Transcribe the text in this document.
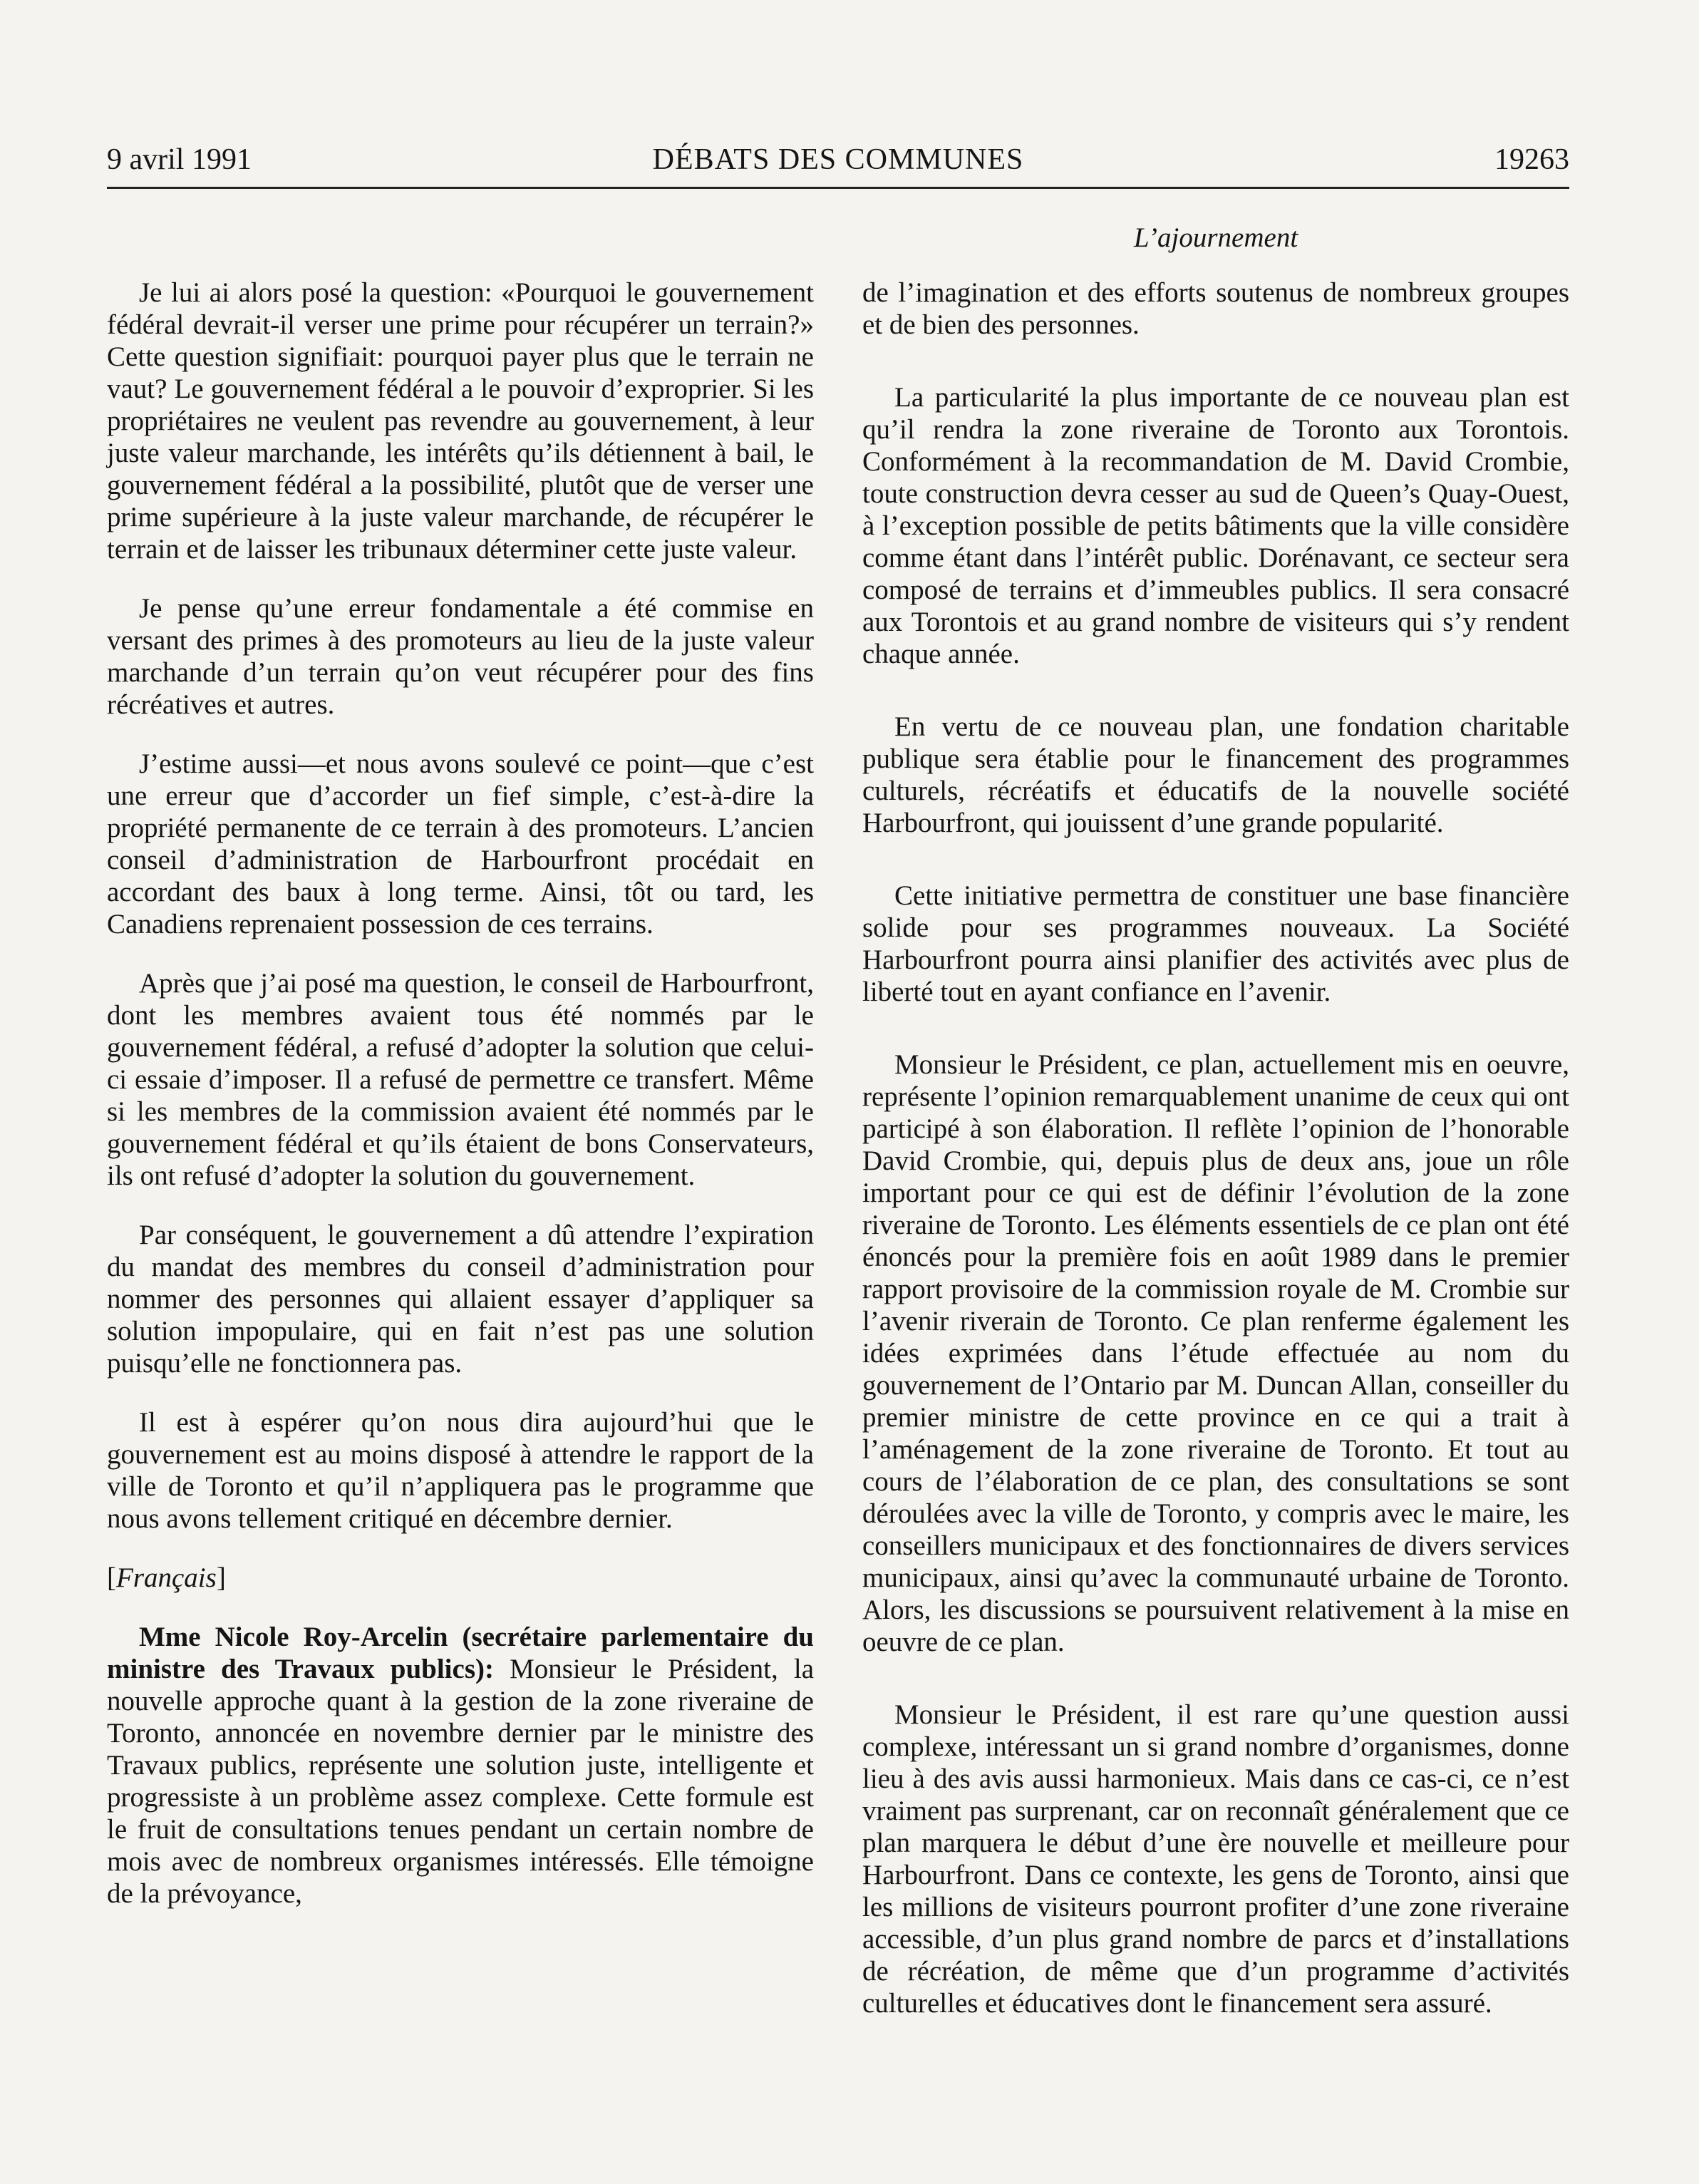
9 avril 1991	DÉBATS DES COMMUNES	19263
L’ajournement

Je lui ai alors posé la question: «Pourquoi le gouvernement fédéral devrait-il verser une prime pour récupérer un terrain?» Cette question signifiait: pourquoi payer plus que le terrain ne vaut? Le gouvernement fédéral a le pouvoir d’exproprier. Si les propriétaires ne veulent pas revendre au gouvernement, à leur juste valeur marchande, les intérêts qu’ils détiennent à bail, le gouvernement fédéral a la possibilité, plutôt que de verser une prime supérieure à la juste valeur marchande, de récupérer le terrain et de laisser les tribunaux déterminer cette juste valeur.

Je pense qu’une erreur fondamentale a été commise en versant des primes à des promoteurs au lieu de la juste valeur marchande d’un terrain qu’on veut récupérer pour des fins récréatives et autres.

J’estime aussi—et nous avons soulevé ce point—que c’est une erreur que d’accorder un fief simple, c’est-à-dire la propriété permanente de ce terrain à des promoteurs. L’ancien conseil d’administration de Harbourfront procédait en accordant des baux à long terme. Ainsi, tôt ou tard, les Canadiens reprenaient possession de ces terrains.

Après que j’ai posé ma question, le conseil de Harbourfront, dont les membres avaient tous été nommés par le gouvernement fédéral, a refusé d’adopter la solution que celui-ci essaie d’imposer. Il a refusé de permettre ce transfert. Même si les membres de la commission avaient été nommés par le gouvernement fédéral et qu’ils étaient de bons Conservateurs, ils ont refusé d’adopter la solution du gouvernement.

Par conséquent, le gouvernement a dû attendre l’expiration du mandat des membres du conseil d’administration pour nommer des personnes qui allaient essayer d’appliquer sa solution impopulaire, qui en fait n’est pas une solution puisqu’elle ne fonctionnera pas.

Il est à espérer qu’on nous dira aujourd’hui que le gouvernement est au moins disposé à attendre le rapport de la ville de Toronto et qu’il n’appliquera pas le programme que nous avons tellement critiqué en décembre dernier.

[Français]

Mme Nicole Roy-Arcelin (secrétaire parlementaire du ministre des Travaux publics): Monsieur le Président, la nouvelle approche quant à la gestion de la zone riveraine de Toronto, annoncée en novembre dernier par le ministre des Travaux publics, représente une solution juste, intelligente et progressiste à un problème assez complexe. Cette formule est le fruit de consultations tenues pendant un certain nombre de mois avec de nombreux organismes intéressés. Elle témoigne de la prévoyance,

de l’imagination et des efforts soutenus de nombreux groupes et de bien des personnes.

La particularité la plus importante de ce nouveau plan est qu’il rendra la zone riveraine de Toronto aux Torontois. Conformément à la recommandation de M. David Crombie, toute construction devra cesser au sud de Queen’s Quay-Ouest, à l’exception possible de petits bâtiments que la ville considère comme étant dans l’intérêt public. Dorénavant, ce secteur sera composé de terrains et d’immeubles publics. Il sera consacré aux Torontois et au grand nombre de visiteurs qui s’y rendent chaque année.

En vertu de ce nouveau plan, une fondation charitable publique sera établie pour le financement des programmes culturels, récréatifs et éducatifs de la nouvelle société Harbourfront, qui jouissent d’une grande popularité.

Cette initiative permettra de constituer une base financière solide pour ses programmes nouveaux. La Société Harbourfront pourra ainsi planifier des activités avec plus de liberté tout en ayant confiance en l’avenir.

Monsieur le Président, ce plan, actuellement mis en oeuvre, représente l’opinion remarquablement unanime de ceux qui ont participé à son élaboration. Il reflète l’opinion de l’honorable David Crombie, qui, depuis plus de deux ans, joue un rôle important pour ce qui est de définir l’évolution de la zone riveraine de Toronto. Les éléments essentiels de ce plan ont été énoncés pour la première fois en août 1989 dans le premier rapport provisoire de la commission royale de M. Crombie sur l’avenir riverain de Toronto. Ce plan renferme également les idées exprimées dans l’étude effectuée au nom du gouvernement de l’Ontario par M. Duncan Allan, conseiller du premier ministre de cette province en ce qui a trait à l’aménagement de la zone riveraine de Toronto. Et tout au cours de l’élaboration de ce plan, des consultations se sont déroulées avec la ville de Toronto, y compris avec le maire, les conseillers municipaux et des fonctionnaires de divers services municipaux, ainsi qu’avec la communauté urbaine de Toronto. Alors, les discussions se poursuivent relativement à la mise en oeuvre de ce plan.

Monsieur le Président, il est rare qu’une question aussi complexe, intéressant un si grand nombre d’organismes, donne lieu à des avis aussi harmonieux. Mais dans ce cas-ci, ce n’est vraiment pas surprenant, car on reconnaît généralement que ce plan marquera le début d’une ère nouvelle et meilleure pour Harbourfront. Dans ce contexte, les gens de Toronto, ainsi que les millions de visiteurs pourront profiter d’une zone riveraine accessible, d’un plus grand nombre de parcs et d’installations de récréation, de même que d’un programme d’activités culturelles et éducatives dont le financement sera assuré.
